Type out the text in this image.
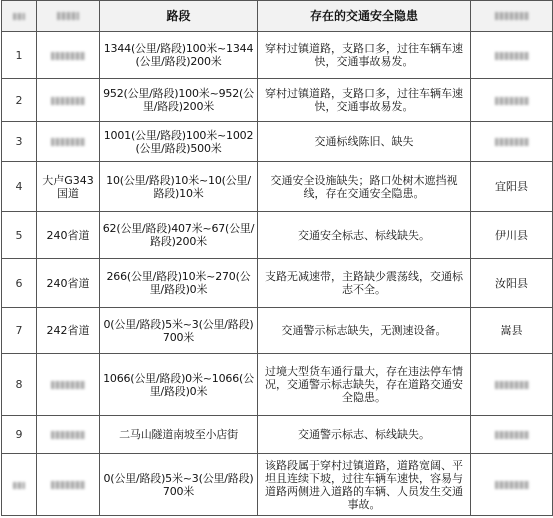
		路段	存在的交通安全隐患	
1		1344(公里/路段)100米~1344(公里/路段)200米	穿村过镇道路，支路口多，过往车辆车速快，交通事故易发。	
2		952(公里/路段)100米~952(公里/路段)200米	穿村过镇道路，支路口多，过往车辆车速快，交通事故易发。	
3		1001(公里/路段)100米~1002(公里/路段)500米	交通标线陈旧、缺失	
4	大卢G343国道	10(公里/路段)10米~10(公里/路段)10米	交通安全设施缺失；路口处树木遮挡视线，存在交通安全隐患。	宜阳县
5	240省道	62(公里/路段)407米~67(公里/路段)200米	交通安全标志、标线缺失。	伊川县
6	240省道	266(公里/路段)10米~270(公里/路段)0米	支路无减速带，主路缺少震荡线，交通标志不全。	汝阳县
7	242省道	0(公里/路段)5米~3(公里/路段)700米	交通警示标志缺失，无测速设备。	嵩县
8		1066(公里/路段)0米~1066(公里/路段)0米	过境大型货车通行量大，存在违法停车情况，交通警示标志缺失，存在道路交通安全隐患。	
9		二马山隧道南坡至小店街	交通警示标志、标线缺失。	
		0(公里/路段)5米~3(公里/路段)700米	该路段属于穿村过镇道路，道路宽阔、平坦且连续下坡，过往车辆车速快，容易与道路两侧进入道路的车辆、人员发生交通事故。	
